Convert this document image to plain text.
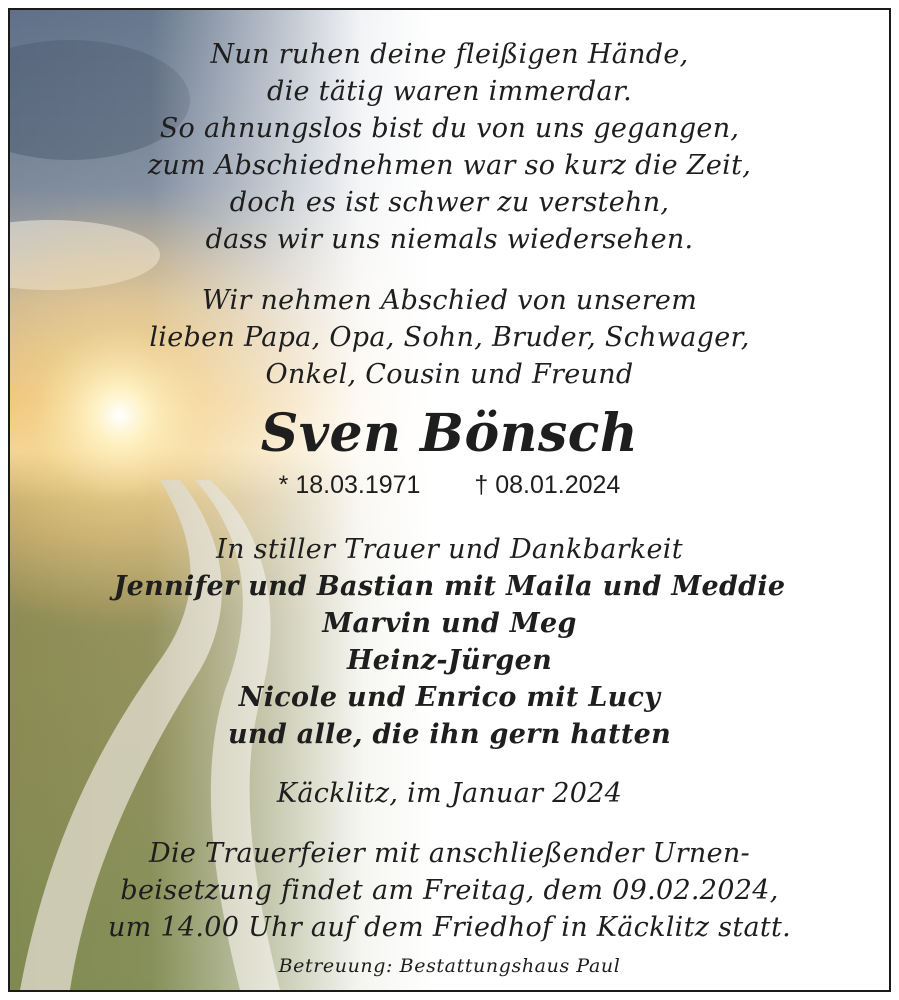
Nun ruhen deine fleißigen Hände,
die tätig waren immerdar.
So ahnungslos bist du von uns gegangen,
zum Abschiednehmen war so kurz die Zeit,
doch es ist schwer zu verstehn,
dass wir uns niemals wiedersehen.
Wir nehmen Abschied von unserem
lieben Papa, Opa, Sohn, Bruder, Schwager,
Onkel, Cousin und Freund
Sven Bönsch
* 18.03.1971 † 08.01.2024
In stiller Trauer und Dankbarkeit
Jennifer und Bastian mit Maila und Meddie
Marvin und Meg
Heinz-Jürgen
Nicole und Enrico mit Lucy
und alle, die ihn gern hatten
Käcklitz, im Januar 2024
Die Trauerfeier mit anschließender Urnen-
beisetzung findet am Freitag, dem 09.02.2024,
um 14.00 Uhr auf dem Friedhof in Käcklitz statt.
Betreuung: Bestattungshaus Paul
